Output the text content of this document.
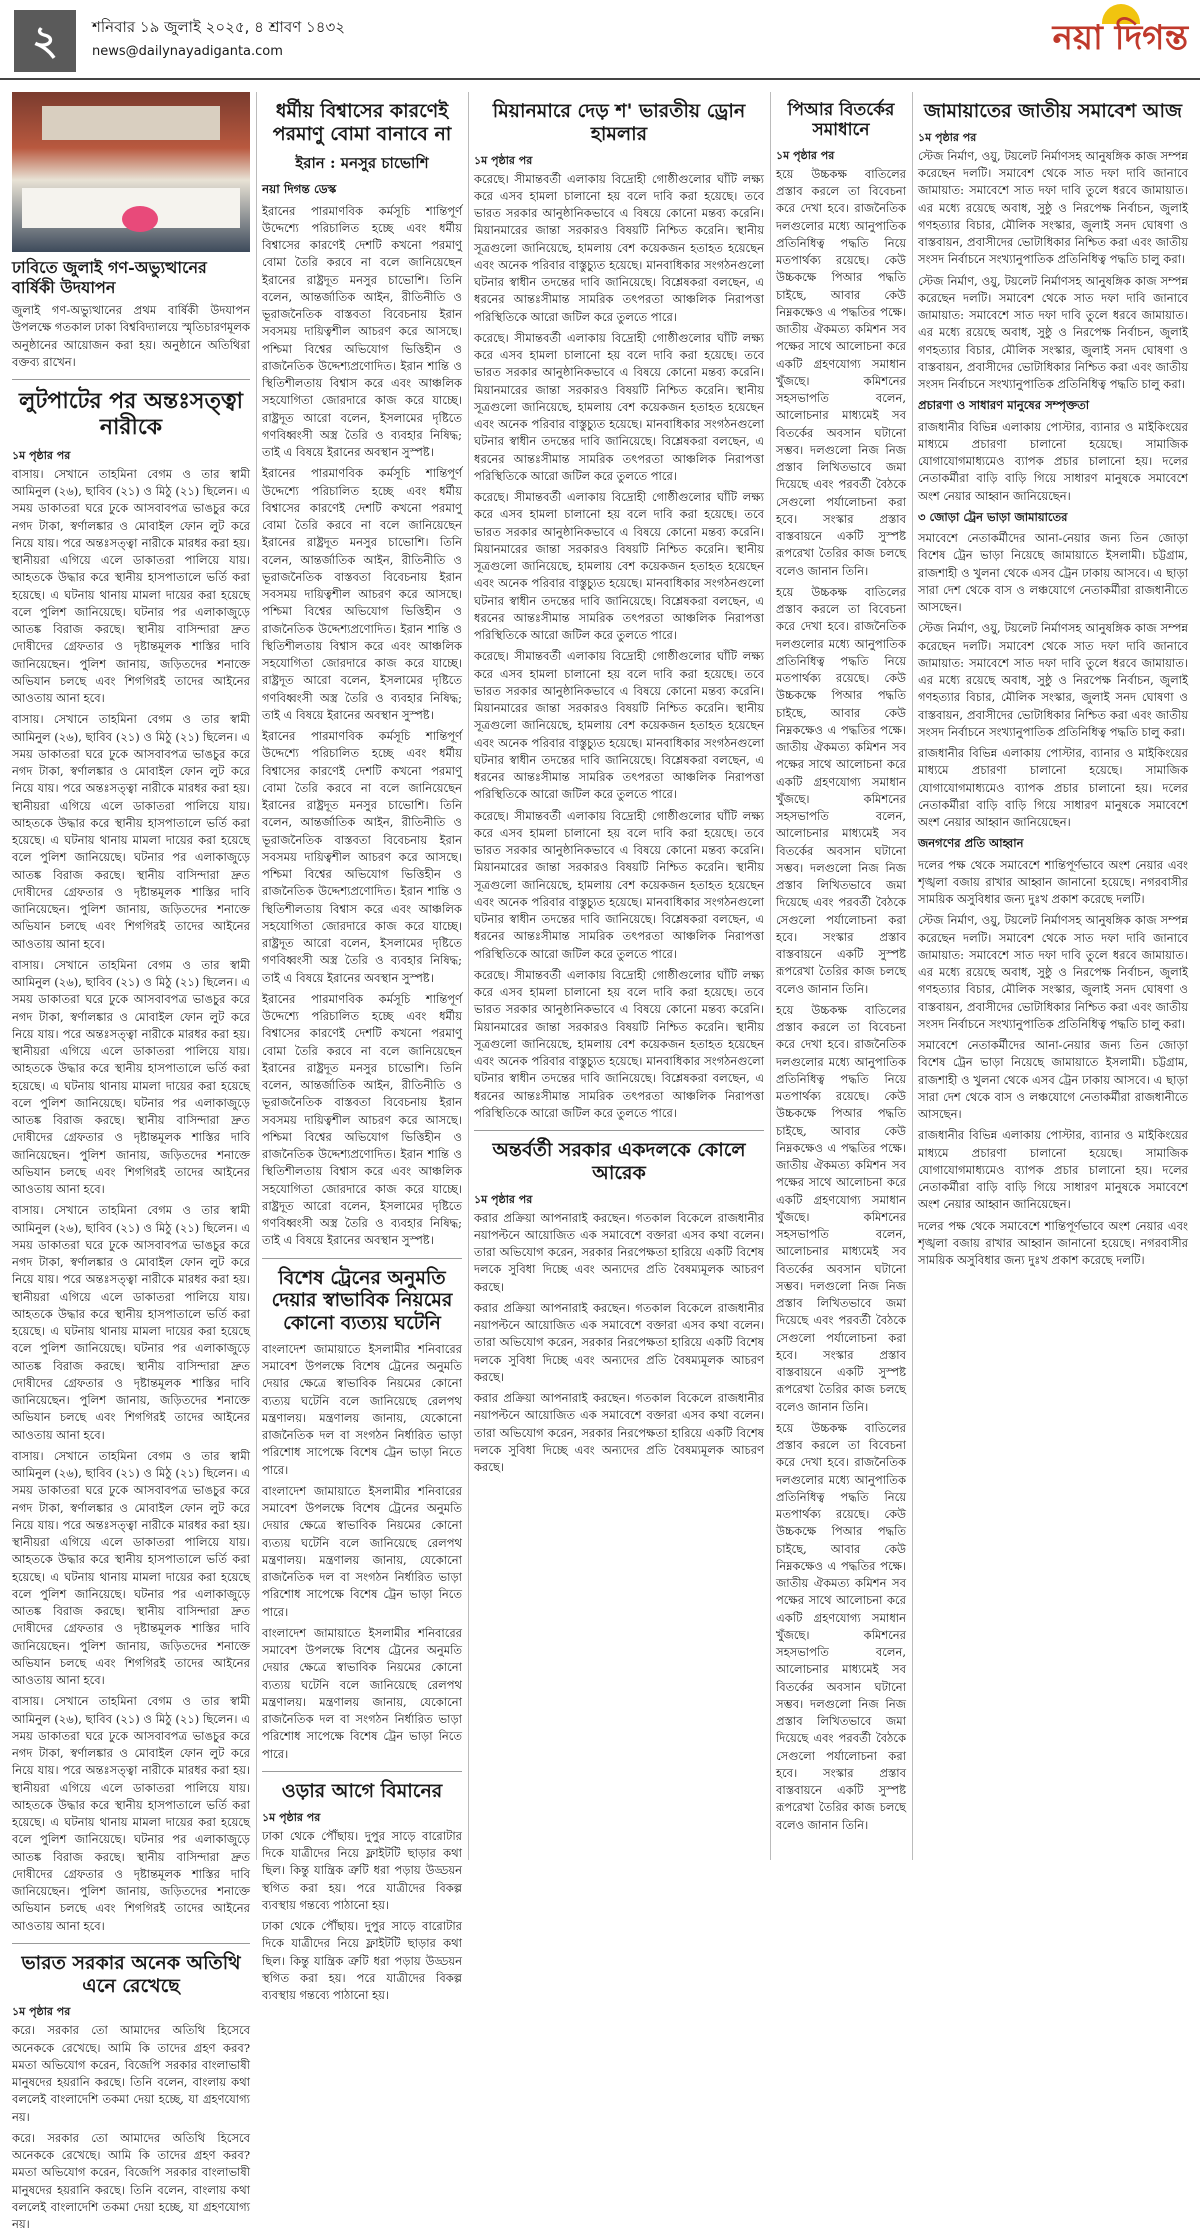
২	শনিবার ১৯ জুলাই ২০২৫, ৪ শ্রাবণ ১৪৩২
news@dailynayadiganta.com	নয়া দিগন্ত
ঢাবিতে জুলাই গণ-অভ্যুত্থানের বার্ষিকী উদযাপন

জুলাই গণ-অভ্যুত্থানের প্রথম বার্ষিকী উদযাপন উপলক্ষে গতকাল ঢাকা বিশ্ববিদ্যালয়ে স্মৃতিচারণমূলক অনুষ্ঠানের আয়োজন করা হয়। অনুষ্ঠানে অতিথিরা বক্তব্য রাখেন।

লুটপাটের পর অন্তঃসত্ত্বা নারীকে
১ম পৃষ্ঠার পর

বাসায়। সেখানে তাহমিনা বেগম ও তার স্বামী আমিনুল (২৬), ছাবিব (২১) ও মিঠু (২১) ছিলেন। এ সময় ডাকাতরা ঘরে ঢুকে আসবাবপত্র ভাঙচুর করে নগদ টাকা, স্বর্ণালঙ্কার ও মোবাইল ফোন লুট করে নিয়ে যায়। পরে অন্তঃসত্ত্বা নারীকে মারধর করা হয়। স্থানীয়রা এগিয়ে এলে ডাকাতরা পালিয়ে যায়। আহতকে উদ্ধার করে স্থানীয় হাসপাতালে ভর্তি করা হয়েছে। এ ঘটনায় থানায় মামলা দায়ের করা হয়েছে বলে পুলিশ জানিয়েছে। ঘটনার পর এলাকাজুড়ে আতঙ্ক বিরাজ করছে। স্থানীয় বাসিন্দারা দ্রুত দোষীদের গ্রেফতার ও দৃষ্টান্তমূলক শাস্তির দাবি জানিয়েছেন। পুলিশ জানায়, জড়িতদের শনাক্তে অভিযান চলছে এবং শিগগিরই তাদের আইনের আওতায় আনা হবে।

বাসায়। সেখানে তাহমিনা বেগম ও তার স্বামী আমিনুল (২৬), ছাবিব (২১) ও মিঠু (২১) ছিলেন। এ সময় ডাকাতরা ঘরে ঢুকে আসবাবপত্র ভাঙচুর করে নগদ টাকা, স্বর্ণালঙ্কার ও মোবাইল ফোন লুট করে নিয়ে যায়। পরে অন্তঃসত্ত্বা নারীকে মারধর করা হয়। স্থানীয়রা এগিয়ে এলে ডাকাতরা পালিয়ে যায়। আহতকে উদ্ধার করে স্থানীয় হাসপাতালে ভর্তি করা হয়েছে। এ ঘটনায় থানায় মামলা দায়ের করা হয়েছে বলে পুলিশ জানিয়েছে। ঘটনার পর এলাকাজুড়ে আতঙ্ক বিরাজ করছে। স্থানীয় বাসিন্দারা দ্রুত দোষীদের গ্রেফতার ও দৃষ্টান্তমূলক শাস্তির দাবি জানিয়েছেন। পুলিশ জানায়, জড়িতদের শনাক্তে অভিযান চলছে এবং শিগগিরই তাদের আইনের আওতায় আনা হবে।

বাসায়। সেখানে তাহমিনা বেগম ও তার স্বামী আমিনুল (২৬), ছাবিব (২১) ও মিঠু (২১) ছিলেন। এ সময় ডাকাতরা ঘরে ঢুকে আসবাবপত্র ভাঙচুর করে নগদ টাকা, স্বর্ণালঙ্কার ও মোবাইল ফোন লুট করে নিয়ে যায়। পরে অন্তঃসত্ত্বা নারীকে মারধর করা হয়। স্থানীয়রা এগিয়ে এলে ডাকাতরা পালিয়ে যায়। আহতকে উদ্ধার করে স্থানীয় হাসপাতালে ভর্তি করা হয়েছে। এ ঘটনায় থানায় মামলা দায়ের করা হয়েছে বলে পুলিশ জানিয়েছে। ঘটনার পর এলাকাজুড়ে আতঙ্ক বিরাজ করছে। স্থানীয় বাসিন্দারা দ্রুত দোষীদের গ্রেফতার ও দৃষ্টান্তমূলক শাস্তির দাবি জানিয়েছেন। পুলিশ জানায়, জড়িতদের শনাক্তে অভিযান চলছে এবং শিগগিরই তাদের আইনের আওতায় আনা হবে।

বাসায়। সেখানে তাহমিনা বেগম ও তার স্বামী আমিনুল (২৬), ছাবিব (২১) ও মিঠু (২১) ছিলেন। এ সময় ডাকাতরা ঘরে ঢুকে আসবাবপত্র ভাঙচুর করে নগদ টাকা, স্বর্ণালঙ্কার ও মোবাইল ফোন লুট করে নিয়ে যায়। পরে অন্তঃসত্ত্বা নারীকে মারধর করা হয়। স্থানীয়রা এগিয়ে এলে ডাকাতরা পালিয়ে যায়। আহতকে উদ্ধার করে স্থানীয় হাসপাতালে ভর্তি করা হয়েছে। এ ঘটনায় থানায় মামলা দায়ের করা হয়েছে বলে পুলিশ জানিয়েছে। ঘটনার পর এলাকাজুড়ে আতঙ্ক বিরাজ করছে। স্থানীয় বাসিন্দারা দ্রুত দোষীদের গ্রেফতার ও দৃষ্টান্তমূলক শাস্তির দাবি জানিয়েছেন। পুলিশ জানায়, জড়িতদের শনাক্তে অভিযান চলছে এবং শিগগিরই তাদের আইনের আওতায় আনা হবে।

বাসায়। সেখানে তাহমিনা বেগম ও তার স্বামী আমিনুল (২৬), ছাবিব (২১) ও মিঠু (২১) ছিলেন। এ সময় ডাকাতরা ঘরে ঢুকে আসবাবপত্র ভাঙচুর করে নগদ টাকা, স্বর্ণালঙ্কার ও মোবাইল ফোন লুট করে নিয়ে যায়। পরে অন্তঃসত্ত্বা নারীকে মারধর করা হয়। স্থানীয়রা এগিয়ে এলে ডাকাতরা পালিয়ে যায়। আহতকে উদ্ধার করে স্থানীয় হাসপাতালে ভর্তি করা হয়েছে। এ ঘটনায় থানায় মামলা দায়ের করা হয়েছে বলে পুলিশ জানিয়েছে। ঘটনার পর এলাকাজুড়ে আতঙ্ক বিরাজ করছে। স্থানীয় বাসিন্দারা দ্রুত দোষীদের গ্রেফতার ও দৃষ্টান্তমূলক শাস্তির দাবি জানিয়েছেন। পুলিশ জানায়, জড়িতদের শনাক্তে অভিযান চলছে এবং শিগগিরই তাদের আইনের আওতায় আনা হবে।

বাসায়। সেখানে তাহমিনা বেগম ও তার স্বামী আমিনুল (২৬), ছাবিব (২১) ও মিঠু (২১) ছিলেন। এ সময় ডাকাতরা ঘরে ঢুকে আসবাবপত্র ভাঙচুর করে নগদ টাকা, স্বর্ণালঙ্কার ও মোবাইল ফোন লুট করে নিয়ে যায়। পরে অন্তঃসত্ত্বা নারীকে মারধর করা হয়। স্থানীয়রা এগিয়ে এলে ডাকাতরা পালিয়ে যায়। আহতকে উদ্ধার করে স্থানীয় হাসপাতালে ভর্তি করা হয়েছে। এ ঘটনায় থানায় মামলা দায়ের করা হয়েছে বলে পুলিশ জানিয়েছে। ঘটনার পর এলাকাজুড়ে আতঙ্ক বিরাজ করছে। স্থানীয় বাসিন্দারা দ্রুত দোষীদের গ্রেফতার ও দৃষ্টান্তমূলক শাস্তির দাবি জানিয়েছেন। পুলিশ জানায়, জড়িতদের শনাক্তে অভিযান চলছে এবং শিগগিরই তাদের আইনের আওতায় আনা হবে।

ভারত সরকার অনেক অতিথি এনে রেখেছে
১ম পৃষ্ঠার পর

করে। সরকার তো আমাদের অতিথি হিসেবে অনেককে রেখেছে। আমি কি তাদের গ্রহণ করব? মমতা অভিযোগ করেন, বিজেপি সরকার বাংলাভাষী মানুষদের হয়রানি করছে। তিনি বলেন, বাংলায় কথা বললেই বাংলাদেশি তকমা দেয়া হচ্ছে, যা গ্রহণযোগ্য নয়।

করে। সরকার তো আমাদের অতিথি হিসেবে অনেককে রেখেছে। আমি কি তাদের গ্রহণ করব? মমতা অভিযোগ করেন, বিজেপি সরকার বাংলাভাষী মানুষদের হয়রানি করছে। তিনি বলেন, বাংলায় কথা বললেই বাংলাদেশি তকমা দেয়া হচ্ছে, যা গ্রহণযোগ্য নয়।

ধর্মীয় বিশ্বাসের কারণেই পরমাণু বোমা বানাবে না
ইরান : মনসুর চাভোশি
নয়া দিগন্ত ডেস্ক

ইরানের পারমাণবিক কর্মসূচি শান্তিপূর্ণ উদ্দেশ্যে পরিচালিত হচ্ছে এবং ধর্মীয় বিশ্বাসের কারণেই দেশটি কখনো পরমাণু বোমা তৈরি করবে না বলে জানিয়েছেন ইরানের রাষ্ট্রদূত মনসুর চাভোশি। তিনি বলেন, আন্তর্জাতিক আইন, রীতিনীতি ও ভূরাজনৈতিক বাস্তবতা বিবেচনায় ইরান সবসময় দায়িত্বশীল আচরণ করে আসছে। পশ্চিমা বিশ্বের অভিযোগ ভিত্তিহীন ও রাজনৈতিক উদ্দেশ্যপ্রণোদিত। ইরান শান্তি ও স্থিতিশীলতায় বিশ্বাস করে এবং আঞ্চলিক সহযোগিতা জোরদারে কাজ করে যাচ্ছে। রাষ্ট্রদূত আরো বলেন, ইসলামের দৃষ্টিতে গণবিধ্বংসী অস্ত্র তৈরি ও ব্যবহার নিষিদ্ধ; তাই এ বিষয়ে ইরানের অবস্থান সুস্পষ্ট।

ইরানের পারমাণবিক কর্মসূচি শান্তিপূর্ণ উদ্দেশ্যে পরিচালিত হচ্ছে এবং ধর্মীয় বিশ্বাসের কারণেই দেশটি কখনো পরমাণু বোমা তৈরি করবে না বলে জানিয়েছেন ইরানের রাষ্ট্রদূত মনসুর চাভোশি। তিনি বলেন, আন্তর্জাতিক আইন, রীতিনীতি ও ভূরাজনৈতিক বাস্তবতা বিবেচনায় ইরান সবসময় দায়িত্বশীল আচরণ করে আসছে। পশ্চিমা বিশ্বের অভিযোগ ভিত্তিহীন ও রাজনৈতিক উদ্দেশ্যপ্রণোদিত। ইরান শান্তি ও স্থিতিশীলতায় বিশ্বাস করে এবং আঞ্চলিক সহযোগিতা জোরদারে কাজ করে যাচ্ছে। রাষ্ট্রদূত আরো বলেন, ইসলামের দৃষ্টিতে গণবিধ্বংসী অস্ত্র তৈরি ও ব্যবহার নিষিদ্ধ; তাই এ বিষয়ে ইরানের অবস্থান সুস্পষ্ট।

ইরানের পারমাণবিক কর্মসূচি শান্তিপূর্ণ উদ্দেশ্যে পরিচালিত হচ্ছে এবং ধর্মীয় বিশ্বাসের কারণেই দেশটি কখনো পরমাণু বোমা তৈরি করবে না বলে জানিয়েছেন ইরানের রাষ্ট্রদূত মনসুর চাভোশি। তিনি বলেন, আন্তর্জাতিক আইন, রীতিনীতি ও ভূরাজনৈতিক বাস্তবতা বিবেচনায় ইরান সবসময় দায়িত্বশীল আচরণ করে আসছে। পশ্চিমা বিশ্বের অভিযোগ ভিত্তিহীন ও রাজনৈতিক উদ্দেশ্যপ্রণোদিত। ইরান শান্তি ও স্থিতিশীলতায় বিশ্বাস করে এবং আঞ্চলিক সহযোগিতা জোরদারে কাজ করে যাচ্ছে। রাষ্ট্রদূত আরো বলেন, ইসলামের দৃষ্টিতে গণবিধ্বংসী অস্ত্র তৈরি ও ব্যবহার নিষিদ্ধ; তাই এ বিষয়ে ইরানের অবস্থান সুস্পষ্ট।

ইরানের পারমাণবিক কর্মসূচি শান্তিপূর্ণ উদ্দেশ্যে পরিচালিত হচ্ছে এবং ধর্মীয় বিশ্বাসের কারণেই দেশটি কখনো পরমাণু বোমা তৈরি করবে না বলে জানিয়েছেন ইরানের রাষ্ট্রদূত মনসুর চাভোশি। তিনি বলেন, আন্তর্জাতিক আইন, রীতিনীতি ও ভূরাজনৈতিক বাস্তবতা বিবেচনায় ইরান সবসময় দায়িত্বশীল আচরণ করে আসছে। পশ্চিমা বিশ্বের অভিযোগ ভিত্তিহীন ও রাজনৈতিক উদ্দেশ্যপ্রণোদিত। ইরান শান্তি ও স্থিতিশীলতায় বিশ্বাস করে এবং আঞ্চলিক সহযোগিতা জোরদারে কাজ করে যাচ্ছে। রাষ্ট্রদূত আরো বলেন, ইসলামের দৃষ্টিতে গণবিধ্বংসী অস্ত্র তৈরি ও ব্যবহার নিষিদ্ধ; তাই এ বিষয়ে ইরানের অবস্থান সুস্পষ্ট।

বিশেষ ট্রেনের অনুমতি দেয়ার স্বাভাবিক নিয়মের কোনো ব্যত্যয় ঘটেনি

বাংলাদেশ জামায়াতে ইসলামীর শনিবারের সমাবেশ উপলক্ষে বিশেষ ট্রেনের অনুমতি দেয়ার ক্ষেত্রে স্বাভাবিক নিয়মের কোনো ব্যত্যয় ঘটেনি বলে জানিয়েছে রেলপথ মন্ত্রণালয়। মন্ত্রণালয় জানায়, যেকোনো রাজনৈতিক দল বা সংগঠন নির্ধারিত ভাড়া পরিশোধ সাপেক্ষে বিশেষ ট্রেন ভাড়া নিতে পারে।

বাংলাদেশ জামায়াতে ইসলামীর শনিবারের সমাবেশ উপলক্ষে বিশেষ ট্রেনের অনুমতি দেয়ার ক্ষেত্রে স্বাভাবিক নিয়মের কোনো ব্যত্যয় ঘটেনি বলে জানিয়েছে রেলপথ মন্ত্রণালয়। মন্ত্রণালয় জানায়, যেকোনো রাজনৈতিক দল বা সংগঠন নির্ধারিত ভাড়া পরিশোধ সাপেক্ষে বিশেষ ট্রেন ভাড়া নিতে পারে।

বাংলাদেশ জামায়াতে ইসলামীর শনিবারের সমাবেশ উপলক্ষে বিশেষ ট্রেনের অনুমতি দেয়ার ক্ষেত্রে স্বাভাবিক নিয়মের কোনো ব্যত্যয় ঘটেনি বলে জানিয়েছে রেলপথ মন্ত্রণালয়। মন্ত্রণালয় জানায়, যেকোনো রাজনৈতিক দল বা সংগঠন নির্ধারিত ভাড়া পরিশোধ সাপেক্ষে বিশেষ ট্রেন ভাড়া নিতে পারে।

ওড়ার আগে বিমানের
১ম পৃষ্ঠার পর

ঢাকা থেকে পৌঁছায়। দুপুর সাড়ে বারোটার দিকে যাত্রীদের নিয়ে ফ্লাইটটি ছাড়ার কথা ছিল। কিন্তু যান্ত্রিক ত্রুটি ধরা পড়ায় উড্ডয়ন স্থগিত করা হয়। পরে যাত্রীদের বিকল্প ব্যবস্থায় গন্তব্যে পাঠানো হয়।

ঢাকা থেকে পৌঁছায়। দুপুর সাড়ে বারোটার দিকে যাত্রীদের নিয়ে ফ্লাইটটি ছাড়ার কথা ছিল। কিন্তু যান্ত্রিক ত্রুটি ধরা পড়ায় উড্ডয়ন স্থগিত করা হয়। পরে যাত্রীদের বিকল্প ব্যবস্থায় গন্তব্যে পাঠানো হয়।

মিয়ানমারে দেড় শ' ভারতীয় ড্রোন হামলার
১ম পৃষ্ঠার পর

করেছে। সীমান্তবর্তী এলাকায় বিদ্রোহী গোষ্ঠীগুলোর ঘাঁটি লক্ষ্য করে এসব হামলা চালানো হয় বলে দাবি করা হয়েছে। তবে ভারত সরকার আনুষ্ঠানিকভাবে এ বিষয়ে কোনো মন্তব্য করেনি। মিয়ানমারের জান্তা সরকারও বিষয়টি নিশ্চিত করেনি। স্থানীয় সূত্রগুলো জানিয়েছে, হামলায় বেশ কয়েকজন হতাহত হয়েছেন এবং অনেক পরিবার বাস্তুচ্যুত হয়েছে। মানবাধিকার সংগঠনগুলো ঘটনার স্বাধীন তদন্তের দাবি জানিয়েছে। বিশ্লেষকরা বলছেন, এ ধরনের আন্তঃসীমান্ত সামরিক তৎপরতা আঞ্চলিক নিরাপত্তা পরিস্থিতিকে আরো জটিল করে তুলতে পারে।

করেছে। সীমান্তবর্তী এলাকায় বিদ্রোহী গোষ্ঠীগুলোর ঘাঁটি লক্ষ্য করে এসব হামলা চালানো হয় বলে দাবি করা হয়েছে। তবে ভারত সরকার আনুষ্ঠানিকভাবে এ বিষয়ে কোনো মন্তব্য করেনি। মিয়ানমারের জান্তা সরকারও বিষয়টি নিশ্চিত করেনি। স্থানীয় সূত্রগুলো জানিয়েছে, হামলায় বেশ কয়েকজন হতাহত হয়েছেন এবং অনেক পরিবার বাস্তুচ্যুত হয়েছে। মানবাধিকার সংগঠনগুলো ঘটনার স্বাধীন তদন্তের দাবি জানিয়েছে। বিশ্লেষকরা বলছেন, এ ধরনের আন্তঃসীমান্ত সামরিক তৎপরতা আঞ্চলিক নিরাপত্তা পরিস্থিতিকে আরো জটিল করে তুলতে পারে।

করেছে। সীমান্তবর্তী এলাকায় বিদ্রোহী গোষ্ঠীগুলোর ঘাঁটি লক্ষ্য করে এসব হামলা চালানো হয় বলে দাবি করা হয়েছে। তবে ভারত সরকার আনুষ্ঠানিকভাবে এ বিষয়ে কোনো মন্তব্য করেনি। মিয়ানমারের জান্তা সরকারও বিষয়টি নিশ্চিত করেনি। স্থানীয় সূত্রগুলো জানিয়েছে, হামলায় বেশ কয়েকজন হতাহত হয়েছেন এবং অনেক পরিবার বাস্তুচ্যুত হয়েছে। মানবাধিকার সংগঠনগুলো ঘটনার স্বাধীন তদন্তের দাবি জানিয়েছে। বিশ্লেষকরা বলছেন, এ ধরনের আন্তঃসীমান্ত সামরিক তৎপরতা আঞ্চলিক নিরাপত্তা পরিস্থিতিকে আরো জটিল করে তুলতে পারে।

করেছে। সীমান্তবর্তী এলাকায় বিদ্রোহী গোষ্ঠীগুলোর ঘাঁটি লক্ষ্য করে এসব হামলা চালানো হয় বলে দাবি করা হয়েছে। তবে ভারত সরকার আনুষ্ঠানিকভাবে এ বিষয়ে কোনো মন্তব্য করেনি। মিয়ানমারের জান্তা সরকারও বিষয়টি নিশ্চিত করেনি। স্থানীয় সূত্রগুলো জানিয়েছে, হামলায় বেশ কয়েকজন হতাহত হয়েছেন এবং অনেক পরিবার বাস্তুচ্যুত হয়েছে। মানবাধিকার সংগঠনগুলো ঘটনার স্বাধীন তদন্তের দাবি জানিয়েছে। বিশ্লেষকরা বলছেন, এ ধরনের আন্তঃসীমান্ত সামরিক তৎপরতা আঞ্চলিক নিরাপত্তা পরিস্থিতিকে আরো জটিল করে তুলতে পারে।

করেছে। সীমান্তবর্তী এলাকায় বিদ্রোহী গোষ্ঠীগুলোর ঘাঁটি লক্ষ্য করে এসব হামলা চালানো হয় বলে দাবি করা হয়েছে। তবে ভারত সরকার আনুষ্ঠানিকভাবে এ বিষয়ে কোনো মন্তব্য করেনি। মিয়ানমারের জান্তা সরকারও বিষয়টি নিশ্চিত করেনি। স্থানীয় সূত্রগুলো জানিয়েছে, হামলায় বেশ কয়েকজন হতাহত হয়েছেন এবং অনেক পরিবার বাস্তুচ্যুত হয়েছে। মানবাধিকার সংগঠনগুলো ঘটনার স্বাধীন তদন্তের দাবি জানিয়েছে। বিশ্লেষকরা বলছেন, এ ধরনের আন্তঃসীমান্ত সামরিক তৎপরতা আঞ্চলিক নিরাপত্তা পরিস্থিতিকে আরো জটিল করে তুলতে পারে।

করেছে। সীমান্তবর্তী এলাকায় বিদ্রোহী গোষ্ঠীগুলোর ঘাঁটি লক্ষ্য করে এসব হামলা চালানো হয় বলে দাবি করা হয়েছে। তবে ভারত সরকার আনুষ্ঠানিকভাবে এ বিষয়ে কোনো মন্তব্য করেনি। মিয়ানমারের জান্তা সরকারও বিষয়টি নিশ্চিত করেনি। স্থানীয় সূত্রগুলো জানিয়েছে, হামলায় বেশ কয়েকজন হতাহত হয়েছেন এবং অনেক পরিবার বাস্তুচ্যুত হয়েছে। মানবাধিকার সংগঠনগুলো ঘটনার স্বাধীন তদন্তের দাবি জানিয়েছে। বিশ্লেষকরা বলছেন, এ ধরনের আন্তঃসীমান্ত সামরিক তৎপরতা আঞ্চলিক নিরাপত্তা পরিস্থিতিকে আরো জটিল করে তুলতে পারে।

অন্তর্বর্তী সরকার একদলকে কোলে আরেক
১ম পৃষ্ঠার পর

করার প্রক্রিয়া আপনারাই করছেন। গতকাল বিকেলে রাজধানীর নয়াপল্টনে আয়োজিত এক সমাবেশে বক্তারা এসব কথা বলেন। তারা অভিযোগ করেন, সরকার নিরপেক্ষতা হারিয়ে একটি বিশেষ দলকে সুবিধা দিচ্ছে এবং অন্যদের প্রতি বৈষম্যমূলক আচরণ করছে।

করার প্রক্রিয়া আপনারাই করছেন। গতকাল বিকেলে রাজধানীর নয়াপল্টনে আয়োজিত এক সমাবেশে বক্তারা এসব কথা বলেন। তারা অভিযোগ করেন, সরকার নিরপেক্ষতা হারিয়ে একটি বিশেষ দলকে সুবিধা দিচ্ছে এবং অন্যদের প্রতি বৈষম্যমূলক আচরণ করছে।

করার প্রক্রিয়া আপনারাই করছেন। গতকাল বিকেলে রাজধানীর নয়াপল্টনে আয়োজিত এক সমাবেশে বক্তারা এসব কথা বলেন। তারা অভিযোগ করেন, সরকার নিরপেক্ষতা হারিয়ে একটি বিশেষ দলকে সুবিধা দিচ্ছে এবং অন্যদের প্রতি বৈষম্যমূলক আচরণ করছে।

পিআর বিতর্কের সমাধানে
১ম পৃষ্ঠার পর

হয়ে উচ্চকক্ষ বাতিলের প্রস্তাব করলে তা বিবেচনা করে দেখা হবে। রাজনৈতিক দলগুলোর মধ্যে আনুপাতিক প্রতিনিধিত্ব পদ্ধতি নিয়ে মতপার্থক্য রয়েছে। কেউ উচ্চকক্ষে পিআর পদ্ধতি চাইছে, আবার কেউ নিম্নকক্ষেও এ পদ্ধতির পক্ষে। জাতীয় ঐকমত্য কমিশন সব পক্ষের সাথে আলোচনা করে একটি গ্রহণযোগ্য সমাধান খুঁজছে। কমিশনের সহসভাপতি বলেন, আলোচনার মাধ্যমেই সব বিতর্কের অবসান ঘটানো সম্ভব। দলগুলো নিজ নিজ প্রস্তাব লিখিতভাবে জমা দিয়েছে এবং পরবর্তী বৈঠকে সেগুলো পর্যালোচনা করা হবে। সংস্কার প্রস্তাব বাস্তবায়নে একটি সুস্পষ্ট রূপরেখা তৈরির কাজ চলছে বলেও জানান তিনি।

হয়ে উচ্চকক্ষ বাতিলের প্রস্তাব করলে তা বিবেচনা করে দেখা হবে। রাজনৈতিক দলগুলোর মধ্যে আনুপাতিক প্রতিনিধিত্ব পদ্ধতি নিয়ে মতপার্থক্য রয়েছে। কেউ উচ্চকক্ষে পিআর পদ্ধতি চাইছে, আবার কেউ নিম্নকক্ষেও এ পদ্ধতির পক্ষে। জাতীয় ঐকমত্য কমিশন সব পক্ষের সাথে আলোচনা করে একটি গ্রহণযোগ্য সমাধান খুঁজছে। কমিশনের সহসভাপতি বলেন, আলোচনার মাধ্যমেই সব বিতর্কের অবসান ঘটানো সম্ভব। দলগুলো নিজ নিজ প্রস্তাব লিখিতভাবে জমা দিয়েছে এবং পরবর্তী বৈঠকে সেগুলো পর্যালোচনা করা হবে। সংস্কার প্রস্তাব বাস্তবায়নে একটি সুস্পষ্ট রূপরেখা তৈরির কাজ চলছে বলেও জানান তিনি।

হয়ে উচ্চকক্ষ বাতিলের প্রস্তাব করলে তা বিবেচনা করে দেখা হবে। রাজনৈতিক দলগুলোর মধ্যে আনুপাতিক প্রতিনিধিত্ব পদ্ধতি নিয়ে মতপার্থক্য রয়েছে। কেউ উচ্চকক্ষে পিআর পদ্ধতি চাইছে, আবার কেউ নিম্নকক্ষেও এ পদ্ধতির পক্ষে। জাতীয় ঐকমত্য কমিশন সব পক্ষের সাথে আলোচনা করে একটি গ্রহণযোগ্য সমাধান খুঁজছে। কমিশনের সহসভাপতি বলেন, আলোচনার মাধ্যমেই সব বিতর্কের অবসান ঘটানো সম্ভব। দলগুলো নিজ নিজ প্রস্তাব লিখিতভাবে জমা দিয়েছে এবং পরবর্তী বৈঠকে সেগুলো পর্যালোচনা করা হবে। সংস্কার প্রস্তাব বাস্তবায়নে একটি সুস্পষ্ট রূপরেখা তৈরির কাজ চলছে বলেও জানান তিনি।

হয়ে উচ্চকক্ষ বাতিলের প্রস্তাব করলে তা বিবেচনা করে দেখা হবে। রাজনৈতিক দলগুলোর মধ্যে আনুপাতিক প্রতিনিধিত্ব পদ্ধতি নিয়ে মতপার্থক্য রয়েছে। কেউ উচ্চকক্ষে পিআর পদ্ধতি চাইছে, আবার কেউ নিম্নকক্ষেও এ পদ্ধতির পক্ষে। জাতীয় ঐকমত্য কমিশন সব পক্ষের সাথে আলোচনা করে একটি গ্রহণযোগ্য সমাধান খুঁজছে। কমিশনের সহসভাপতি বলেন, আলোচনার মাধ্যমেই সব বিতর্কের অবসান ঘটানো সম্ভব। দলগুলো নিজ নিজ প্রস্তাব লিখিতভাবে জমা দিয়েছে এবং পরবর্তী বৈঠকে সেগুলো পর্যালোচনা করা হবে। সংস্কার প্রস্তাব বাস্তবায়নে একটি সুস্পষ্ট রূপরেখা তৈরির কাজ চলছে বলেও জানান তিনি।

জামায়াতের জাতীয় সমাবেশ আজ
১ম পৃষ্ঠার পর

স্টেজ নির্মাণ, ওয়ু, টয়লেট নির্মাণসহ আনুষঙ্গিক কাজ সম্পন্ন করেছেন দলটি। সমাবেশ থেকে সাত দফা দাবি জানাবে জামায়াত: সমাবেশে সাত দফা দাবি তুলে ধরবে জামায়াত। এর মধ্যে রয়েছে অবাধ, সুষ্ঠু ও নিরপেক্ষ নির্বাচন, জুলাই গণহত্যার বিচার, মৌলিক সংস্কার, জুলাই সনদ ঘোষণা ও বাস্তবায়ন, প্রবাসীদের ভোটাধিকার নিশ্চিত করা এবং জাতীয় সংসদ নির্বাচনে সংখ্যানুপাতিক প্রতিনিধিত্ব পদ্ধতি চালু করা।

স্টেজ নির্মাণ, ওয়ু, টয়লেট নির্মাণসহ আনুষঙ্গিক কাজ সম্পন্ন করেছেন দলটি। সমাবেশ থেকে সাত দফা দাবি জানাবে জামায়াত: সমাবেশে সাত দফা দাবি তুলে ধরবে জামায়াত। এর মধ্যে রয়েছে অবাধ, সুষ্ঠু ও নিরপেক্ষ নির্বাচন, জুলাই গণহত্যার বিচার, মৌলিক সংস্কার, জুলাই সনদ ঘোষণা ও বাস্তবায়ন, প্রবাসীদের ভোটাধিকার নিশ্চিত করা এবং জাতীয় সংসদ নির্বাচনে সংখ্যানুপাতিক প্রতিনিধিত্ব পদ্ধতি চালু করা।

প্রচারণা ও সাধারণ মানুষের সম্পৃক্ততা

রাজধানীর বিভিন্ন এলাকায় পোস্টার, ব্যানার ও মাইকিংয়ের মাধ্যমে প্রচারণা চালানো হয়েছে। সামাজিক যোগাযোগমাধ্যমেও ব্যাপক প্রচার চালানো হয়। দলের নেতাকর্মীরা বাড়ি বাড়ি গিয়ে সাধারণ মানুষকে সমাবেশে অংশ নেয়ার আহ্বান জানিয়েছেন।

৩ জোড়া ট্রেন ভাড়া জামায়াতের

সমাবেশে নেতাকর্মীদের আনা-নেয়ার জন্য তিন জোড়া বিশেষ ট্রেন ভাড়া নিয়েছে জামায়াতে ইসলামী। চট্টগ্রাম, রাজশাহী ও খুলনা থেকে এসব ট্রেন ঢাকায় আসবে। এ ছাড়া সারা দেশ থেকে বাস ও লঞ্চযোগে নেতাকর্মীরা রাজধানীতে আসছেন।

স্টেজ নির্মাণ, ওয়ু, টয়লেট নির্মাণসহ আনুষঙ্গিক কাজ সম্পন্ন করেছেন দলটি। সমাবেশ থেকে সাত দফা দাবি জানাবে জামায়াত: সমাবেশে সাত দফা দাবি তুলে ধরবে জামায়াত। এর মধ্যে রয়েছে অবাধ, সুষ্ঠু ও নিরপেক্ষ নির্বাচন, জুলাই গণহত্যার বিচার, মৌলিক সংস্কার, জুলাই সনদ ঘোষণা ও বাস্তবায়ন, প্রবাসীদের ভোটাধিকার নিশ্চিত করা এবং জাতীয় সংসদ নির্বাচনে সংখ্যানুপাতিক প্রতিনিধিত্ব পদ্ধতি চালু করা।

রাজধানীর বিভিন্ন এলাকায় পোস্টার, ব্যানার ও মাইকিংয়ের মাধ্যমে প্রচারণা চালানো হয়েছে। সামাজিক যোগাযোগমাধ্যমেও ব্যাপক প্রচার চালানো হয়। দলের নেতাকর্মীরা বাড়ি বাড়ি গিয়ে সাধারণ মানুষকে সমাবেশে অংশ নেয়ার আহ্বান জানিয়েছেন।

জনগণের প্রতি আহ্বান

দলের পক্ষ থেকে সমাবেশে শান্তিপূর্ণভাবে অংশ নেয়ার এবং শৃঙ্খলা বজায় রাখার আহ্বান জানানো হয়েছে। নগরবাসীর সাময়িক অসুবিধার জন্য দুঃখ প্রকাশ করেছে দলটি।

স্টেজ নির্মাণ, ওয়ু, টয়লেট নির্মাণসহ আনুষঙ্গিক কাজ সম্পন্ন করেছেন দলটি। সমাবেশ থেকে সাত দফা দাবি জানাবে জামায়াত: সমাবেশে সাত দফা দাবি তুলে ধরবে জামায়াত। এর মধ্যে রয়েছে অবাধ, সুষ্ঠু ও নিরপেক্ষ নির্বাচন, জুলাই গণহত্যার বিচার, মৌলিক সংস্কার, জুলাই সনদ ঘোষণা ও বাস্তবায়ন, প্রবাসীদের ভোটাধিকার নিশ্চিত করা এবং জাতীয় সংসদ নির্বাচনে সংখ্যানুপাতিক প্রতিনিধিত্ব পদ্ধতি চালু করা।

সমাবেশে নেতাকর্মীদের আনা-নেয়ার জন্য তিন জোড়া বিশেষ ট্রেন ভাড়া নিয়েছে জামায়াতে ইসলামী। চট্টগ্রাম, রাজশাহী ও খুলনা থেকে এসব ট্রেন ঢাকায় আসবে। এ ছাড়া সারা দেশ থেকে বাস ও লঞ্চযোগে নেতাকর্মীরা রাজধানীতে আসছেন।

রাজধানীর বিভিন্ন এলাকায় পোস্টার, ব্যানার ও মাইকিংয়ের মাধ্যমে প্রচারণা চালানো হয়েছে। সামাজিক যোগাযোগমাধ্যমেও ব্যাপক প্রচার চালানো হয়। দলের নেতাকর্মীরা বাড়ি বাড়ি গিয়ে সাধারণ মানুষকে সমাবেশে অংশ নেয়ার আহ্বান জানিয়েছেন।

দলের পক্ষ থেকে সমাবেশে শান্তিপূর্ণভাবে অংশ নেয়ার এবং শৃঙ্খলা বজায় রাখার আহ্বান জানানো হয়েছে। নগরবাসীর সাময়িক অসুবিধার জন্য দুঃখ প্রকাশ করেছে দলটি।
